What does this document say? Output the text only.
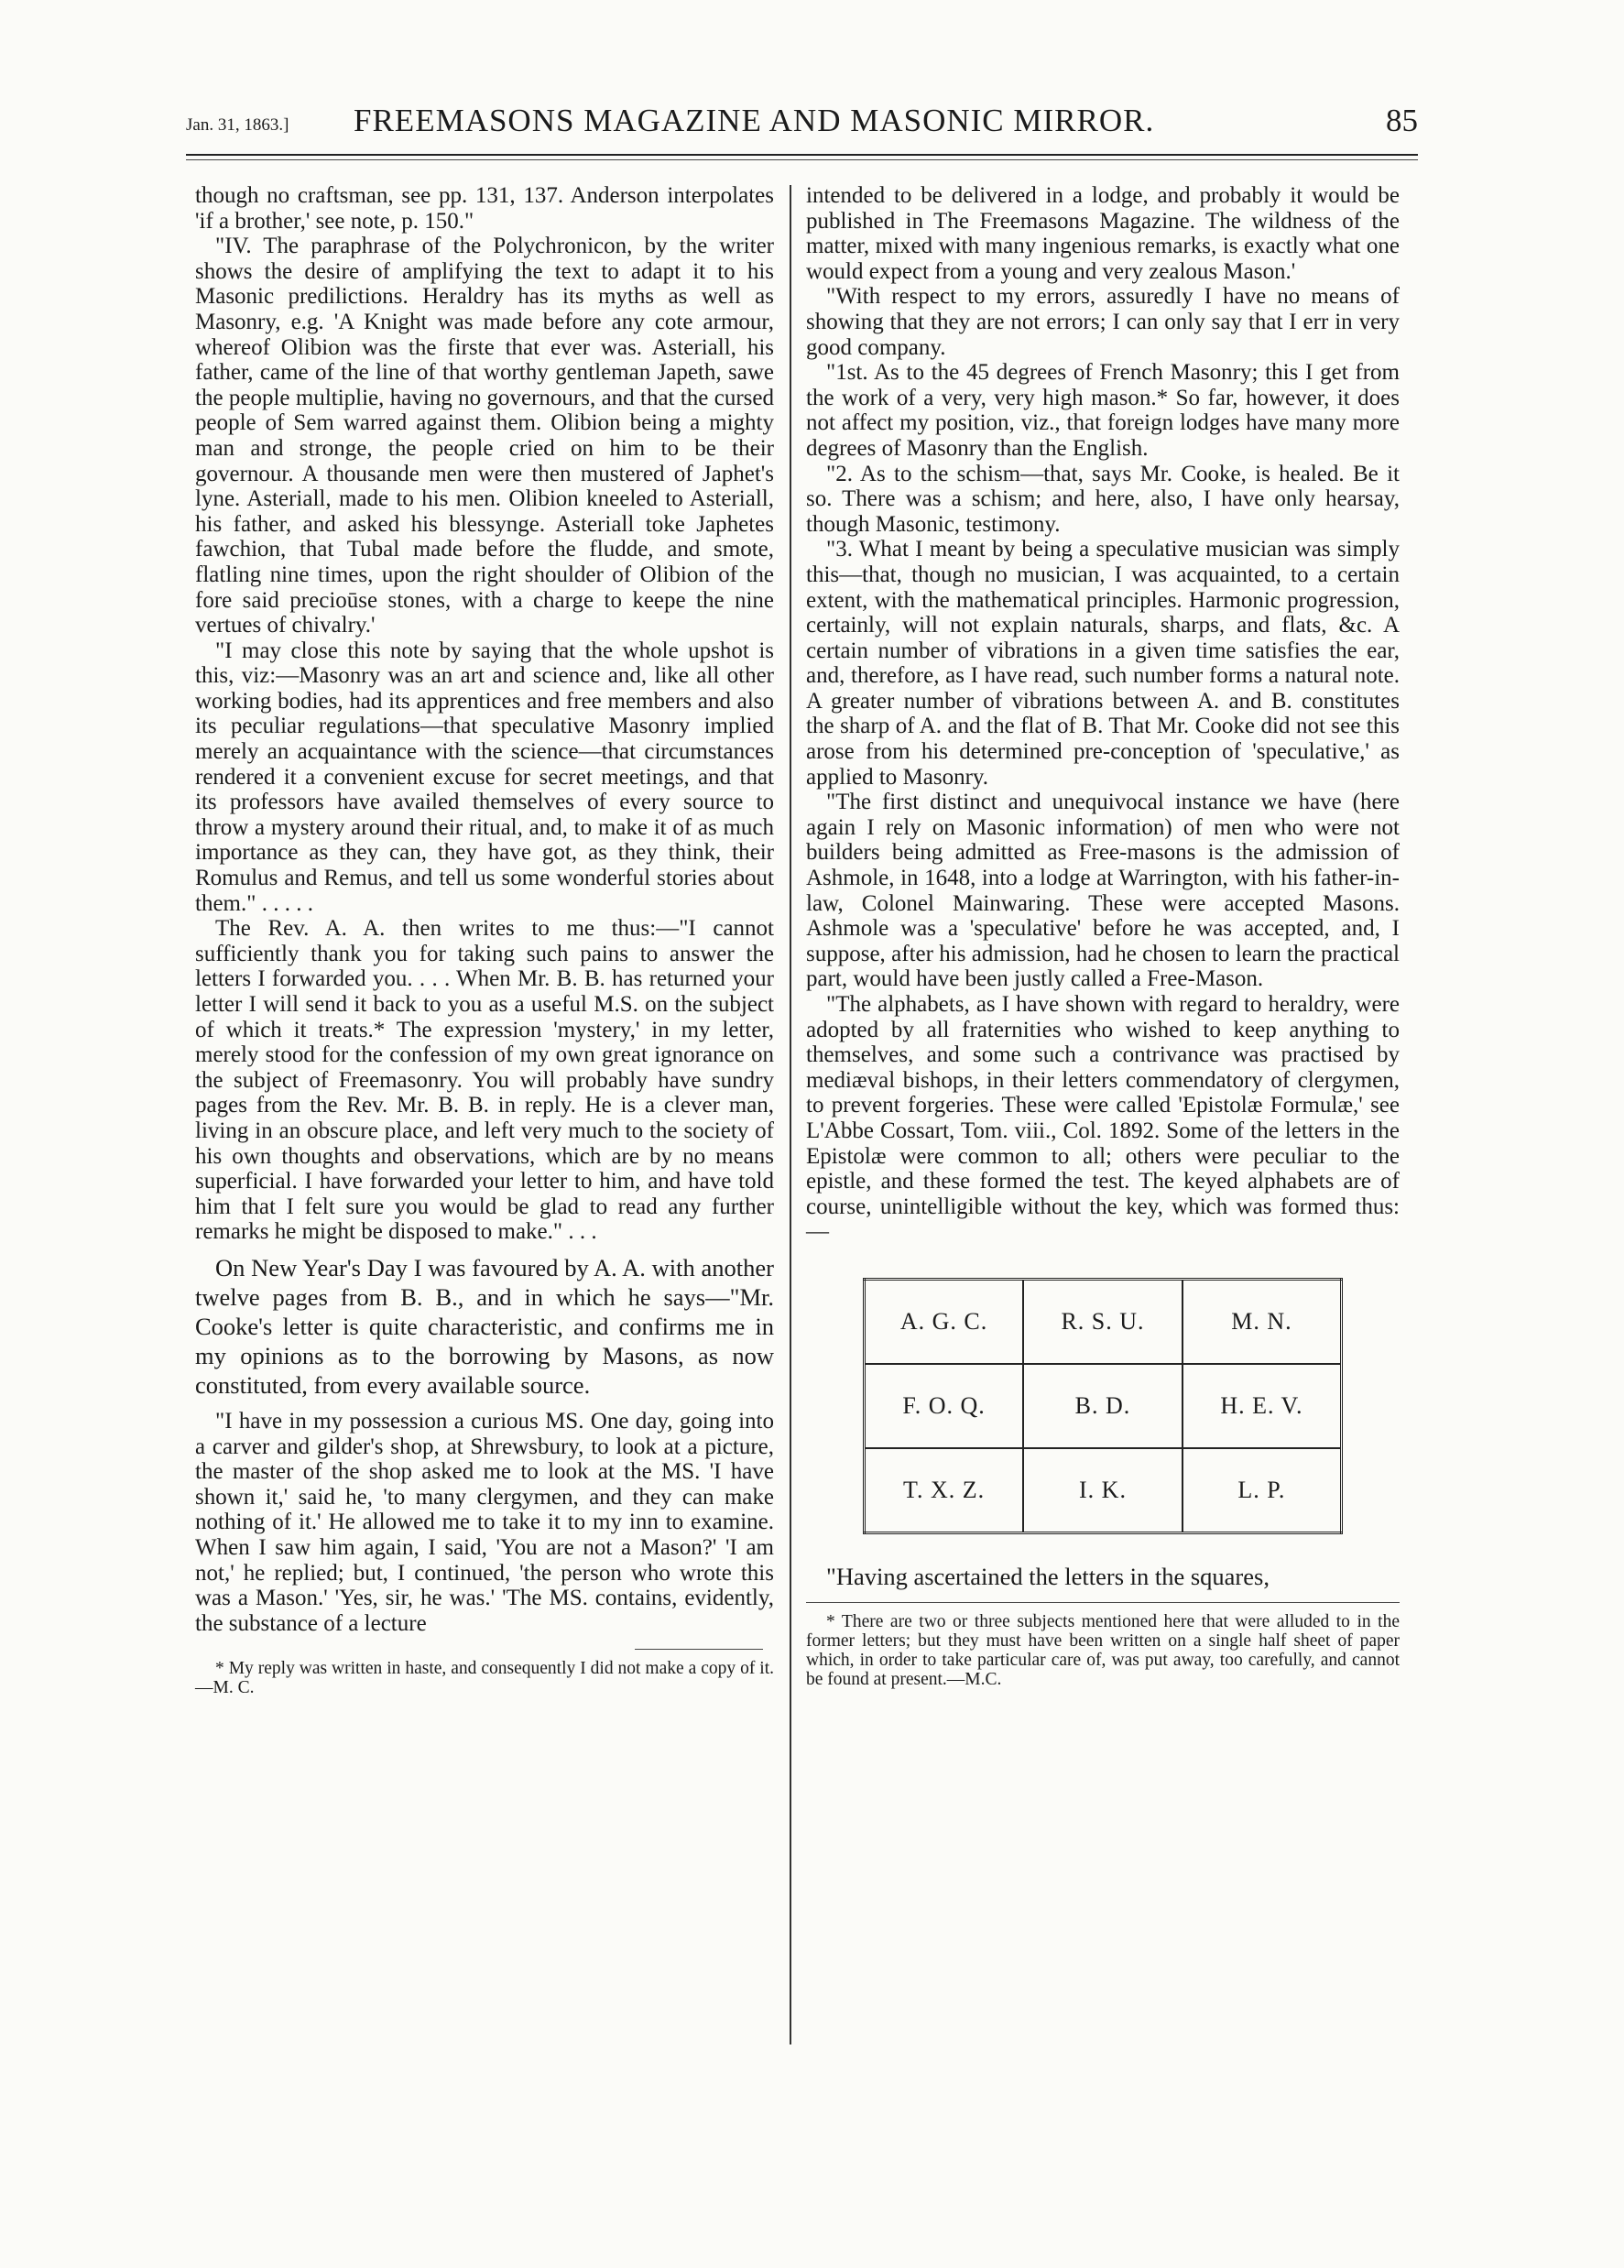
Jan. 31, 1863.] FREEMASONS MAGAZINE AND MASONIC MIRROR.	85

though no craftsman, see pp. 131, 137. Anderson interpolates 'if a brother,' see note, p. 150."

"IV. The paraphrase of the Polychronicon, by the writer shows the desire of amplifying the text to adapt it to his Masonic predilictions. Heraldry has its myths as well as Masonry, e.g. 'A Knight was made before any cote armour, whereof Olibion was the firste that ever was. Asteriall, his father, came of the line of that worthy gentleman Japeth, sawe the people multiplie, having no governours, and that the cursed people of Sem warred against them. Olibion being a mighty man and stronge, the people cried on him to be their governour. A thousande men were then mustered of Japhet's lyne. Asteriall, made to his men. Olibion kneeled to Asteriall, his father, and asked his blessynge. Asteriall toke Japhetes fawchion, that Tubal made before the fludde, and smote, flatling nine times, upon the right shoulder of Olibion of the fore said precioūse stones, with a charge to keepe the nine vertues of chivalry.'

"I may close this note by saying that the whole upshot is this, viz:—Masonry was an art and science and, like all other working bodies, had its apprentices and free members and also its peculiar regulations—that speculative Masonry implied merely an acquaintance with the science—that circumstances rendered it a convenient excuse for secret meetings, and that its professors have availed themselves of every source to throw a mystery around their ritual, and, to make it of as much importance as they can, they have got, as they think, their Romulus and Remus, and tell us some wonderful stories about them." . . . . .

The Rev. A. A. then writes to me thus:—"I cannot sufficiently thank you for taking such pains to answer the letters I forwarded you. . . . When Mr. B. B. has returned your letter I will send it back to you as a useful M.S. on the subject of which it treats.* The expression 'mystery,' in my letter, merely stood for the confession of my own great ignorance on the subject of Freemasonry. You will probably have sundry pages from the Rev. Mr. B. B. in reply. He is a clever man, living in an obscure place, and left very much to the society of his own thoughts and observations, which are by no means superficial. I have forwarded your letter to him, and have told him that I felt sure you would be glad to read any further remarks he might be disposed to make." . . .

On New Year's Day I was favoured by A. A. with another twelve pages from B. B., and in which he says—"Mr. Cooke's letter is quite characteristic, and confirms me in my opinions as to the borrowing by Masons, as now constituted, from every available source.

"I have in my possession a curious MS. One day, going into a carver and gilder's shop, at Shrewsbury, to look at a picture, the master of the shop asked me to look at the MS. 'I have shown it,' said he, 'to many clergymen, and they can make nothing of it.' He allowed me to take it to my inn to examine. When I saw him again, I said, 'You are not a Mason?' 'I am not,' he replied; but, I continued, 'the person who wrote this was a Mason.' 'Yes, sir, he was.' 'The MS. contains, evidently, the substance of a lecture

* My reply was written in haste, and consequently I did not make a copy of it.—M. C.

intended to be delivered in a lodge, and probably it would be published in The Freemasons Magazine. The wildness of the matter, mixed with many ingenious remarks, is exactly what one would expect from a young and very zealous Mason.'

"With respect to my errors, assuredly I have no means of showing that they are not errors; I can only say that I err in very good company.

"1st. As to the 45 degrees of French Masonry; this I get from the work of a very, very high mason.* So far, however, it does not affect my position, viz., that foreign lodges have many more degrees of Masonry than the English.

"2. As to the schism—that, says Mr. Cooke, is healed. Be it so. There was a schism; and here, also, I have only hearsay, though Masonic, testimony.

"3. What I meant by being a speculative musician was simply this—that, though no musician, I was acquainted, to a certain extent, with the mathematical principles. Harmonic progression, certainly, will not explain naturals, sharps, and flats, &c. A certain number of vibrations in a given time satisfies the ear, and, therefore, as I have read, such number forms a natural note. A greater number of vibrations between A. and B. constitutes the sharp of A. and the flat of B. That Mr. Cooke did not see this arose from his determined pre-conception of 'speculative,' as applied to Masonry.

"The first distinct and unequivocal instance we have (here again I rely on Masonic information) of men who were not builders being admitted as Free-masons is the admission of Ashmole, in 1648, into a lodge at Warrington, with his father-in-law, Colonel Mainwaring. These were accepted Masons. Ashmole was a 'speculative' before he was accepted, and, I suppose, after his admission, had he chosen to learn the practical part, would have been justly called a Free-Mason.

"The alphabets, as I have shown with regard to heraldry, were adopted by all fraternities who wished to keep anything to themselves, and some such a contrivance was practised by mediæval bishops, in their letters commendatory of clergymen, to prevent forgeries. These were called 'Epistolæ Formulæ,' see L'Abbe Cossart, Tom. viii., Col. 1892. Some of the letters in the Epistolæ were common to all; others were peculiar to the epistle, and these formed the test. The keyed alphabets are of course, unintelligible without the key, which was formed thus:—

A. G. C.	R. S. U.	M. N.
F. O. Q.	B. D.	H. E. V.
T. X. Z.	I. K.	L. P.

"Having ascertained the letters in the squares,

* There are two or three subjects mentioned here that were alluded to in the former letters; but they must have been written on a single half sheet of paper which, in order to take particular care of, was put away, too carefully, and cannot be found at present.—M.C.
